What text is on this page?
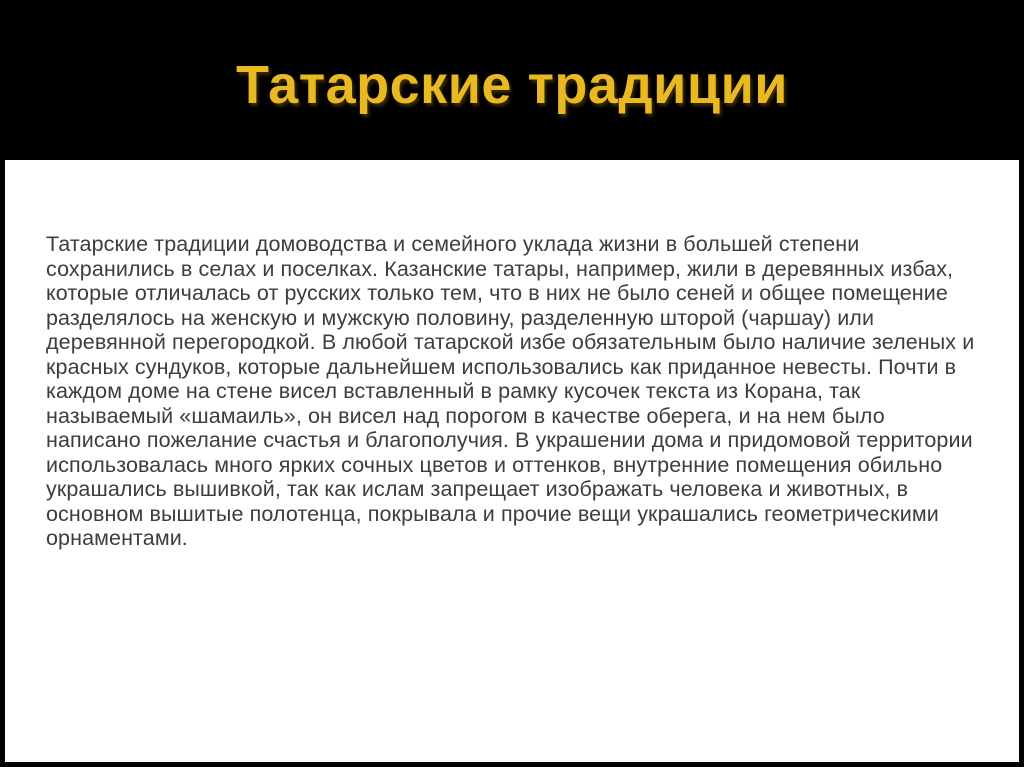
Татарские традиции

Татарские традиции домоводства и семейного уклада жизни в большей степени сохранились в селах и поселках. Казанские татары, например, жили в деревянных избах, которые отличалась от русских только тем, что в них не было сеней и общее помещение разделялось на женскую и мужскую половину, разделенную шторой (чаршау) или деревянной перегородкой. В любой татарской избе обязательным было наличие зеленых и красных сундуков, которые дальнейшем использовались как приданное невесты. Почти в каждом доме на стене висел вставленный в рамку кусочек текста из Корана, так называемый «шамаиль», он висел над порогом в качестве оберега, и на нем было написано пожелание счастья и благополучия. В украшении дома и придомовой территории использовалась много ярких сочных цветов и оттенков, внутренние помещения обильно украшались вышивкой, так как ислам запрещает изображать человека и животных, в основном вышитые полотенца, покрывала и прочие вещи украшались геометрическими орнаментами.
